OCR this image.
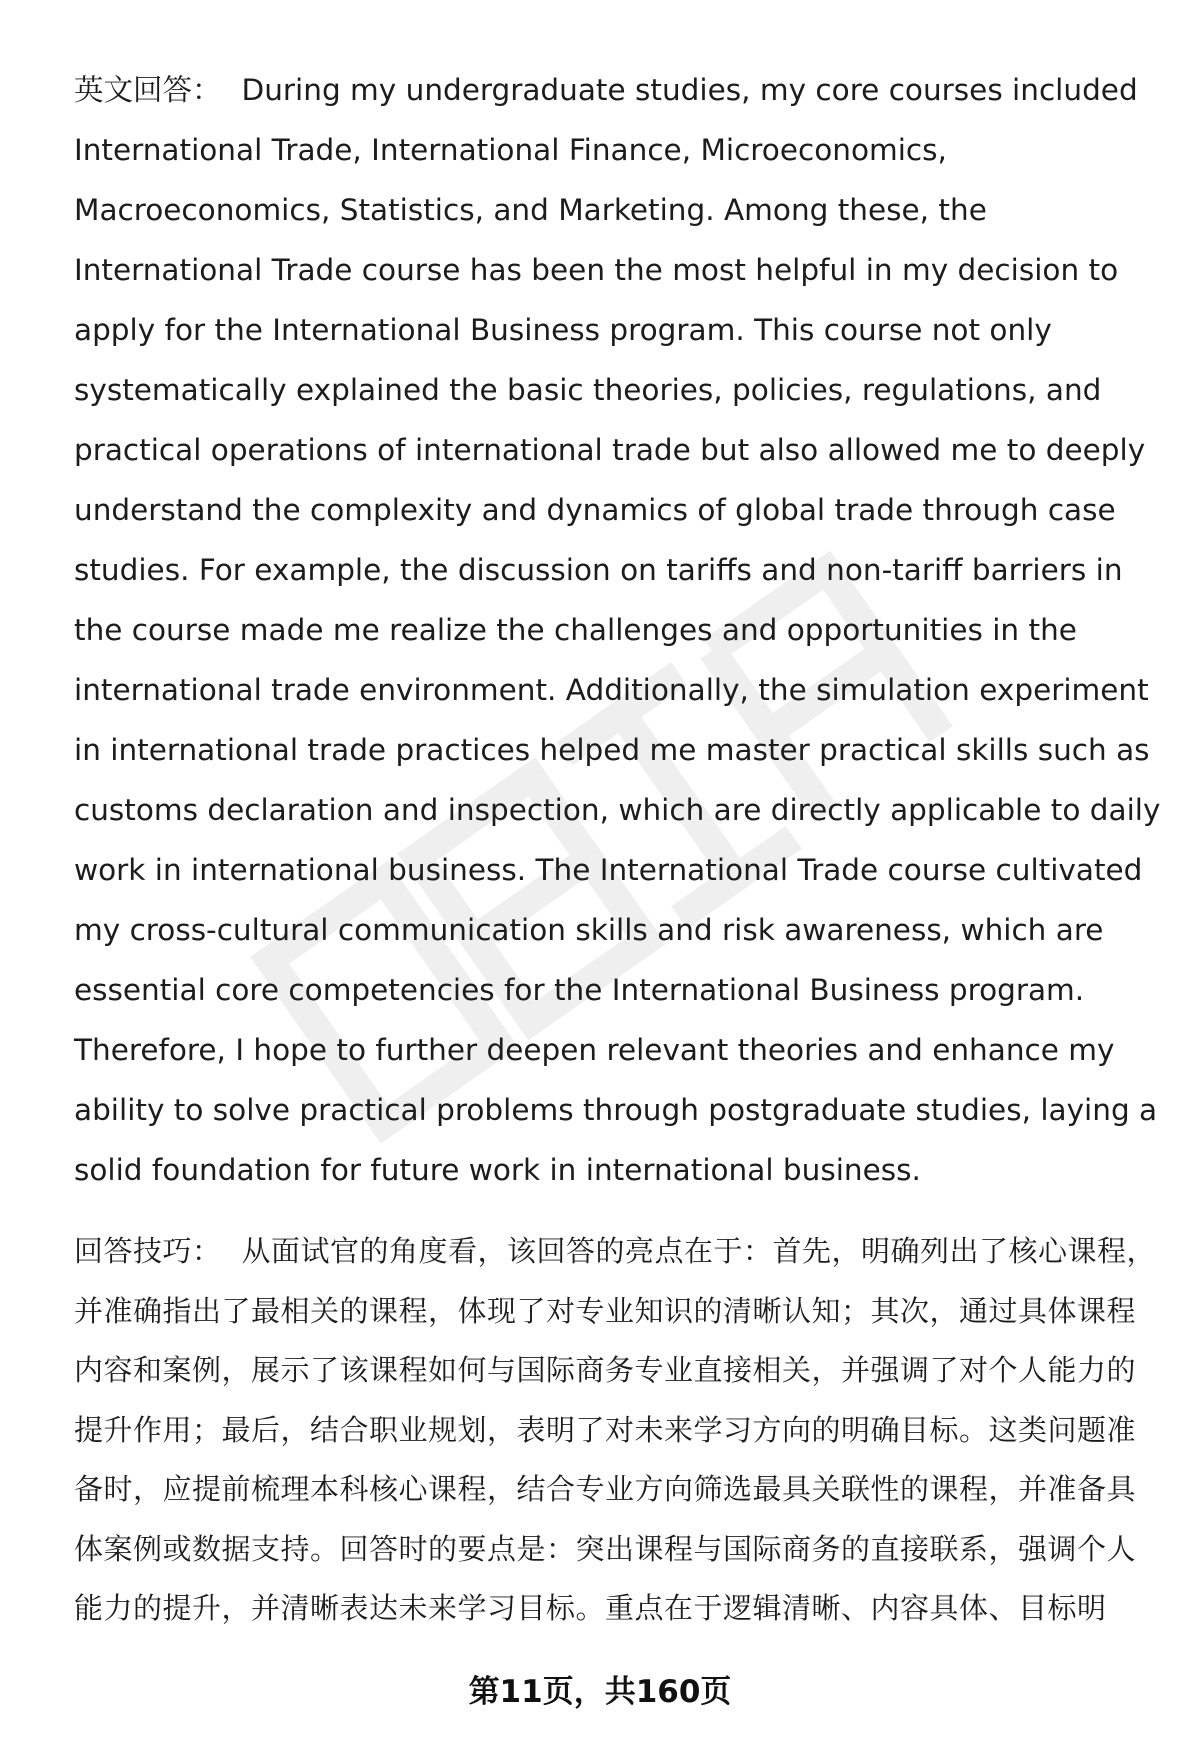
英文回答： During my undergraduate studies, my core courses included International Trade, International Finance, Microeconomics, Macroeconomics, Statistics, and Marketing. Among these, the International Trade course has been the most helpful in my decision to apply for the International Business program. This course not only systematically explained the basic theories, policies, regulations, and practical operations of international trade but also allowed me to deeply understand the complexity and dynamics of global trade through case studies. For example, the discussion on tariffs and non-tariff barriers in the course made me realize the challenges and opportunities in the international trade environment. Additionally, the simulation experiment in international trade practices helped me master practical skills such as customs declaration and inspection, which are directly applicable to daily work in international business. The International Trade course cultivated my cross-cultural communication skills and risk awareness, which are essential core competencies for the International Business program. Therefore, I hope to further deepen relevant theories and enhance my ability to solve practical problems through postgraduate studies, laying a solid foundation for future work in international business.

回答技巧： 从面试官的角度看，该回答的亮点在于：首先，明确列出了核心课程，并准确指出了最相关的课程，体现了对专业知识的清晰认知；其次，通过具体课程内容和案例，展示了该课程如何与国际商务专业直接相关，并强调了对个人能力的提升作用；最后，结合职业规划，表明了对未来学习方向的明确目标。这类问题准备时，应提前梳理本科核心课程，结合专业方向筛选最具关联性的课程，并准备具体案例或数据支持。回答时的要点是：突出课程与国际商务的直接联系，强调个人能力的提升，并清晰表达未来学习目标。重点在于逻辑清晰、内容具体、目标明

第11页，共160页
